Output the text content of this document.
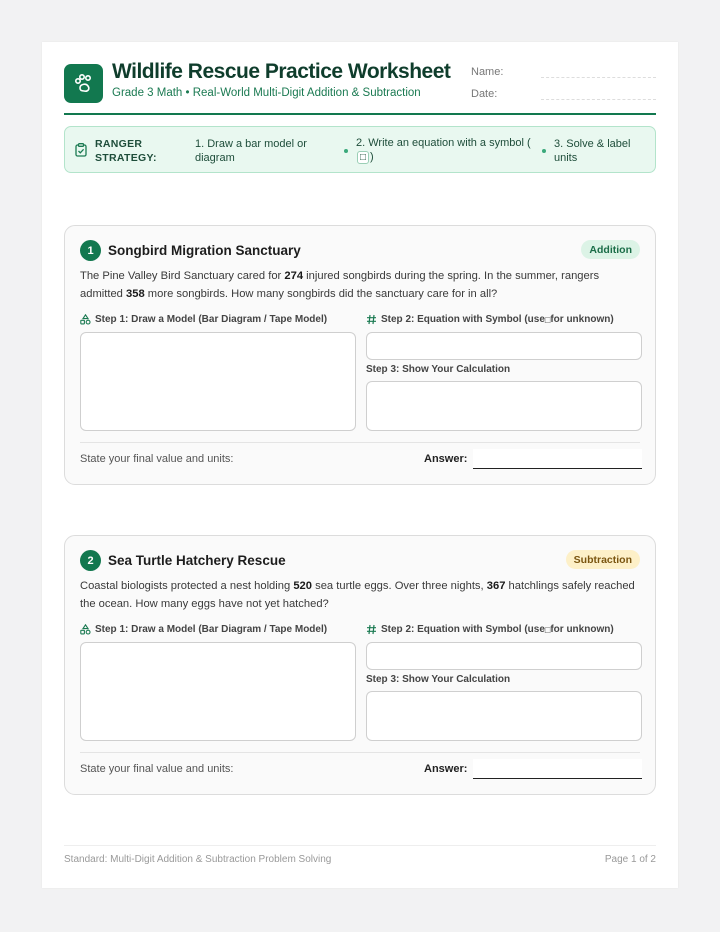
Wildlife Rescue Practice Worksheet
Grade 3 Math • Real-World Multi-Digit Addition & Subtraction
Name:
Date:
RANGER STRATEGY:
1. Draw a bar model or diagram
2. Write an equation with a symbol (□ )
3. Solve & label units
1	Songbird Migration Sanctuary	Addition
The Pine Valley Bird Sanctuary cared for 274 injured songbirds during the spring. In the summer, rangers admitted 358 more songbirds. How many songbirds did the sanctuary care for in all?
Step 1: Draw a Model (Bar Diagram / Tape Model)	Step 2: Equation with Symbol (use □ for unknown)
Step 3: Show Your Calculation
State your final value and units:	Answer:
2	Sea Turtle Hatchery Rescue	Subtraction
Coastal biologists protected a nest holding 520 sea turtle eggs. Over three nights, 367 hatchlings safely reached the ocean. How many eggs have not yet hatched?
Step 1: Draw a Model (Bar Diagram / Tape Model)	Step 2: Equation with Symbol (use □ for unknown)
Step 3: Show Your Calculation
State your final value and units:	Answer:
Standard: Multi-Digit Addition & Subtraction Problem Solving	Page 1 of 2
